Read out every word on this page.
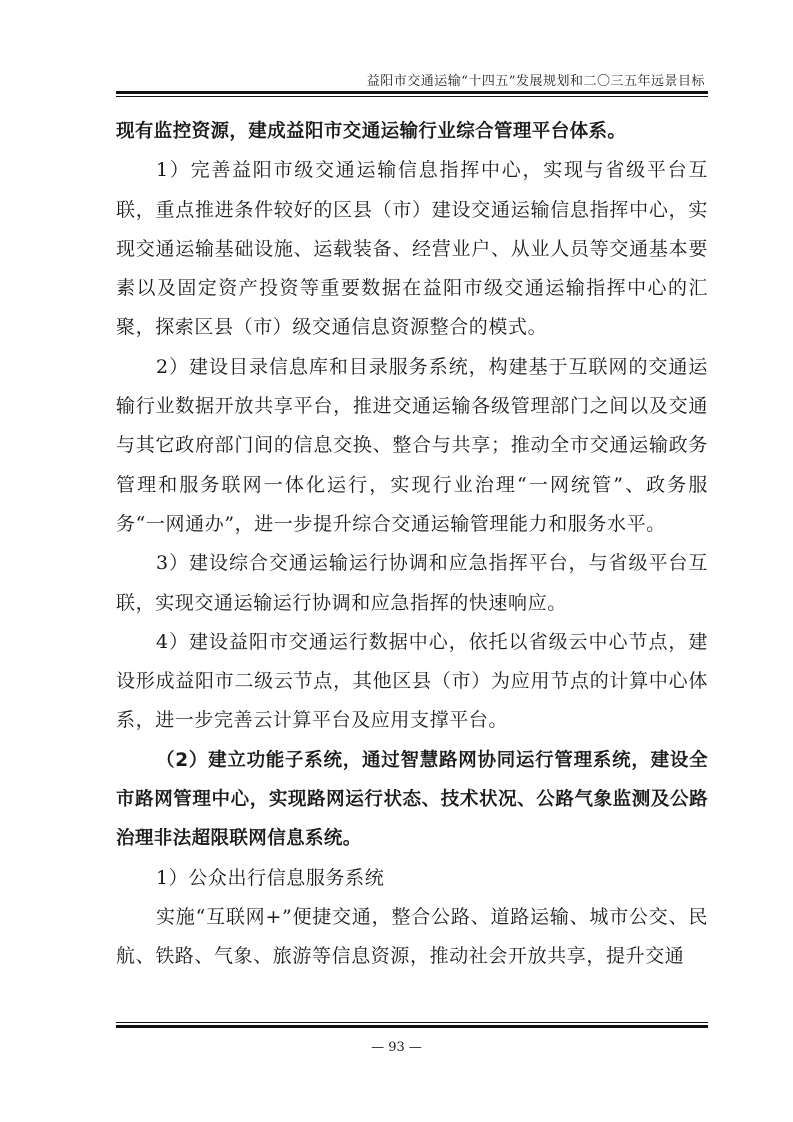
益阳市交通运输“十四五”发展规划和二〇三五年远景目标

现有监控资源，建成益阳市交通运输行业综合管理平台体系。

1）完善益阳市级交通运输信息指挥中心，实现与省级平台互联，重点推进条件较好的区县（市）建设交通运输信息指挥中心，实现交通运输基础设施、运载装备、经营业户、从业人员等交通基本要素以及固定资产投资等重要数据在益阳市级交通运输指挥中心的汇聚，探索区县（市）级交通信息资源整合的模式。

2）建设目录信息库和目录服务系统，构建基于互联网的交通运输行业数据开放共享平台，推进交通运输各级管理部门之间以及交通与其它政府部门间的信息交换、整合与共享；推动全市交通运输政务管理和服务联网一体化运行，实现行业治理“一网统管”、政务服务“一网通办”，进一步提升综合交通运输管理能力和服务水平。

3）建设综合交通运输运行协调和应急指挥平台，与省级平台互联，实现交通运输运行协调和应急指挥的快速响应。

4）建设益阳市交通运行数据中心，依托以省级云中心节点，建设形成益阳市二级云节点，其他区县（市）为应用节点的计算中心体系，进一步完善云计算平台及应用支撑平台。

（2）建立功能子系统，通过智慧路网协同运行管理系统，建设全市路网管理中心，实现路网运行状态、技术状况、公路气象监测及公路治理非法超限联网信息系统。

1）公众出行信息服务系统

实施“互联网+”便捷交通，整合公路、道路运输、城市公交、民航、铁路、气象、旅游等信息资源，推动社会开放共享，提升交通

— 93 —
